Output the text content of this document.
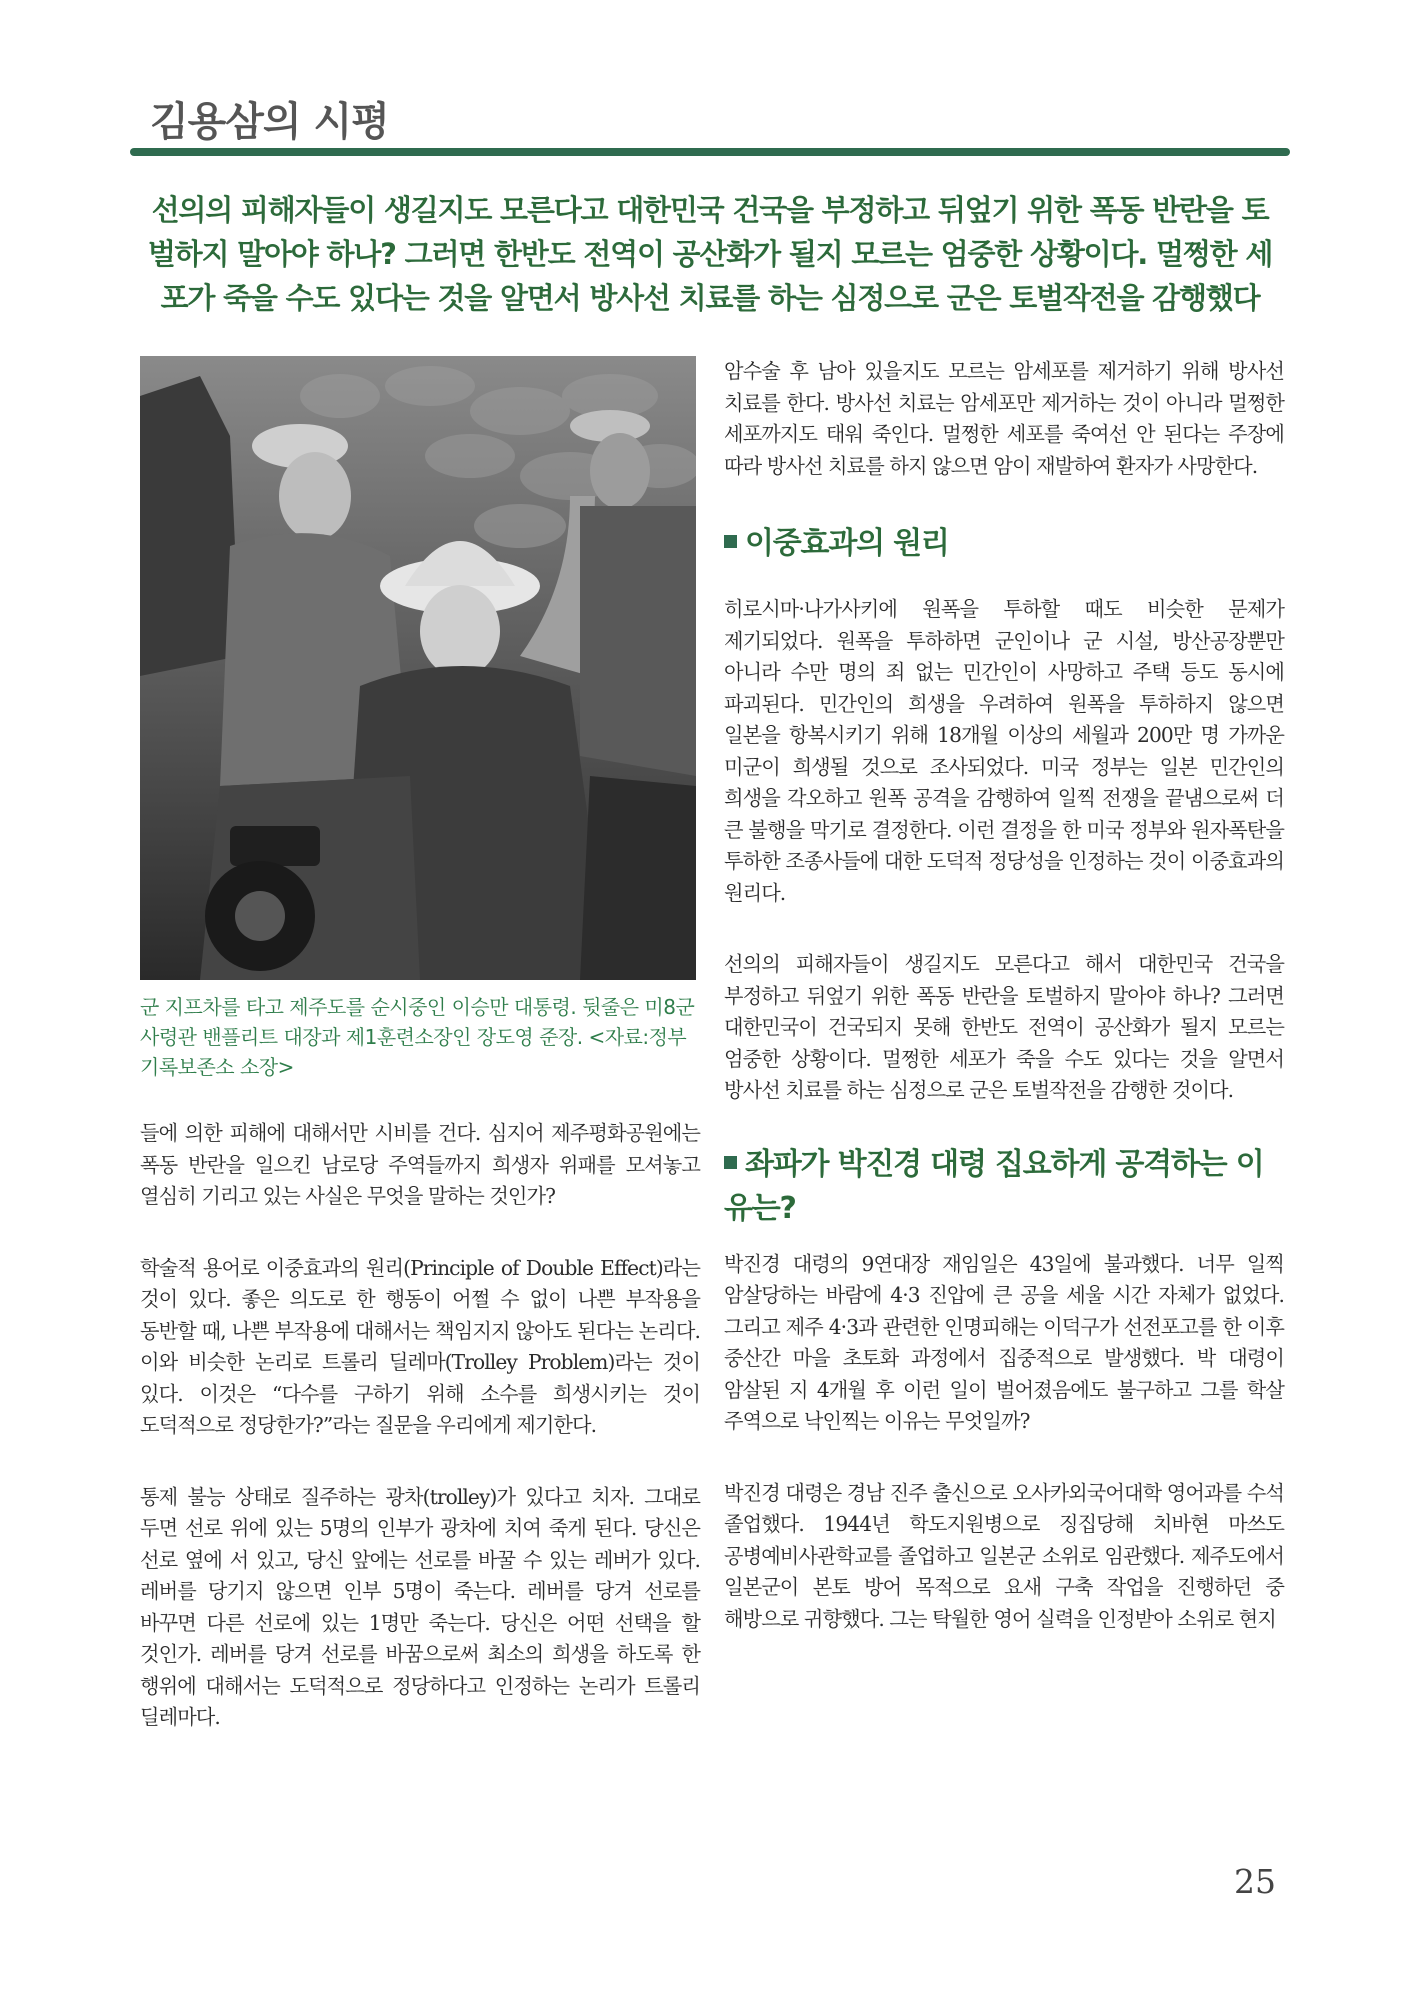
김용삼의 시평

선의의 피해자들이 생길지도 모른다고 대한민국 건국을 부정하고 뒤엎기 위한 폭동 반란을 토벌하지 말아야 하나? 그러면 한반도 전역이 공산화가 될지 모르는 엄중한 상황이다. 멀쩡한 세포가 죽을 수도 있다는 것을 알면서 방사선 치료를 하는 심정으로 군은 토벌작전을 감행했다

군 지프차를 타고 제주도를 순시중인 이승만 대통령. 뒷줄은 미8군 사령관 밴플리트 대장과 제1훈련소장인 장도영 준장. <자료:정부기록보존소 소장>

들에 의한 피해에 대해서만 시비를 건다. 심지어 제주평화공원에는 폭동 반란을 일으킨 남로당 주역들까지 희생자 위패를 모셔놓고 열심히 기리고 있는 사실은 무엇을 말하는 것인가?

학술적 용어로 이중효과의 원리(Principle of Double Effect)라는 것이 있다. 좋은 의도로 한 행동이 어쩔 수 없이 나쁜 부작용을 동반할 때, 나쁜 부작용에 대해서는 책임지지 않아도 된다는 논리다. 이와 비슷한 논리로 트롤리 딜레마(Trolley Problem)라는 것이 있다. 이것은 “다수를 구하기 위해 소수를 희생시키는 것이 도덕적으로 정당한가?”라는 질문을 우리에게 제기한다.

통제 불능 상태로 질주하는 광차(trolley)가 있다고 치자. 그대로 두면 선로 위에 있는 5명의 인부가 광차에 치여 죽게 된다. 당신은 선로 옆에 서 있고, 당신 앞에는 선로를 바꿀 수 있는 레버가 있다. 레버를 당기지 않으면 인부 5명이 죽는다. 레버를 당겨 선로를 바꾸면 다른 선로에 있는 1명만 죽는다. 당신은 어떤 선택을 할 것인가. 레버를 당겨 선로를 바꿈으로써 최소의 희생을 하도록 한 행위에 대해서는 도덕적으로 정당하다고 인정하는 논리가 트롤리 딜레마다.

암수술 후 남아 있을지도 모르는 암세포를 제거하기 위해 방사선 치료를 한다. 방사선 치료는 암세포만 제거하는 것이 아니라 멀쩡한 세포까지도 태워 죽인다. 멀쩡한 세포를 죽여선 안 된다는 주장에 따라 방사선 치료를 하지 않으면 암이 재발하여 환자가 사망한다.

이중효과의 원리

히로시마·나가사키에 원폭을 투하할 때도 비슷한 문제가 제기되었다. 원폭을 투하하면 군인이나 군 시설, 방산공장뿐만 아니라 수만 명의 죄 없는 민간인이 사망하고 주택 등도 동시에 파괴된다. 민간인의 희생을 우려하여 원폭을 투하하지 않으면 일본을 항복시키기 위해 18개월 이상의 세월과 200만 명 가까운 미군이 희생될 것으로 조사되었다. 미국 정부는 일본 민간인의 희생을 각오하고 원폭 공격을 감행하여 일찍 전쟁을 끝냄으로써 더 큰 불행을 막기로 결정한다. 이런 결정을 한 미국 정부와 원자폭탄을 투하한 조종사들에 대한 도덕적 정당성을 인정하는 것이 이중효과의 원리다.

선의의 피해자들이 생길지도 모른다고 해서 대한민국 건국을 부정하고 뒤엎기 위한 폭동 반란을 토벌하지 말아야 하나? 그러면 대한민국이 건국되지 못해 한반도 전역이 공산화가 될지 모르는 엄중한 상황이다. 멀쩡한 세포가 죽을 수도 있다는 것을 알면서 방사선 치료를 하는 심정으로 군은 토벌작전을 감행한 것이다.

좌파가 박진경 대령 집요하게 공격하는 이유는?

박진경 대령의 9연대장 재임일은 43일에 불과했다. 너무 일찍 암살당하는 바람에 4·3 진압에 큰 공을 세울 시간 자체가 없었다. 그리고 제주 4·3과 관련한 인명피해는 이덕구가 선전포고를 한 이후 중산간 마을 초토화 과정에서 집중적으로 발생했다. 박 대령이 암살된 지 4개월 후 이런 일이 벌어졌음에도 불구하고 그를 학살 주역으로 낙인찍는 이유는 무엇일까?

박진경 대령은 경남 진주 출신으로 오사카외국어대학 영어과를 수석 졸업했다. 1944년 학도지원병으로 징집당해 치바현 마쓰도 공병예비사관학교를 졸업하고 일본군 소위로 임관했다. 제주도에서 일본군이 본토 방어 목적으로 요새 구축 작업을 진행하던 중 해방으로 귀향했다. 그는 탁월한 영어 실력을 인정받아 소위로 현지

25
